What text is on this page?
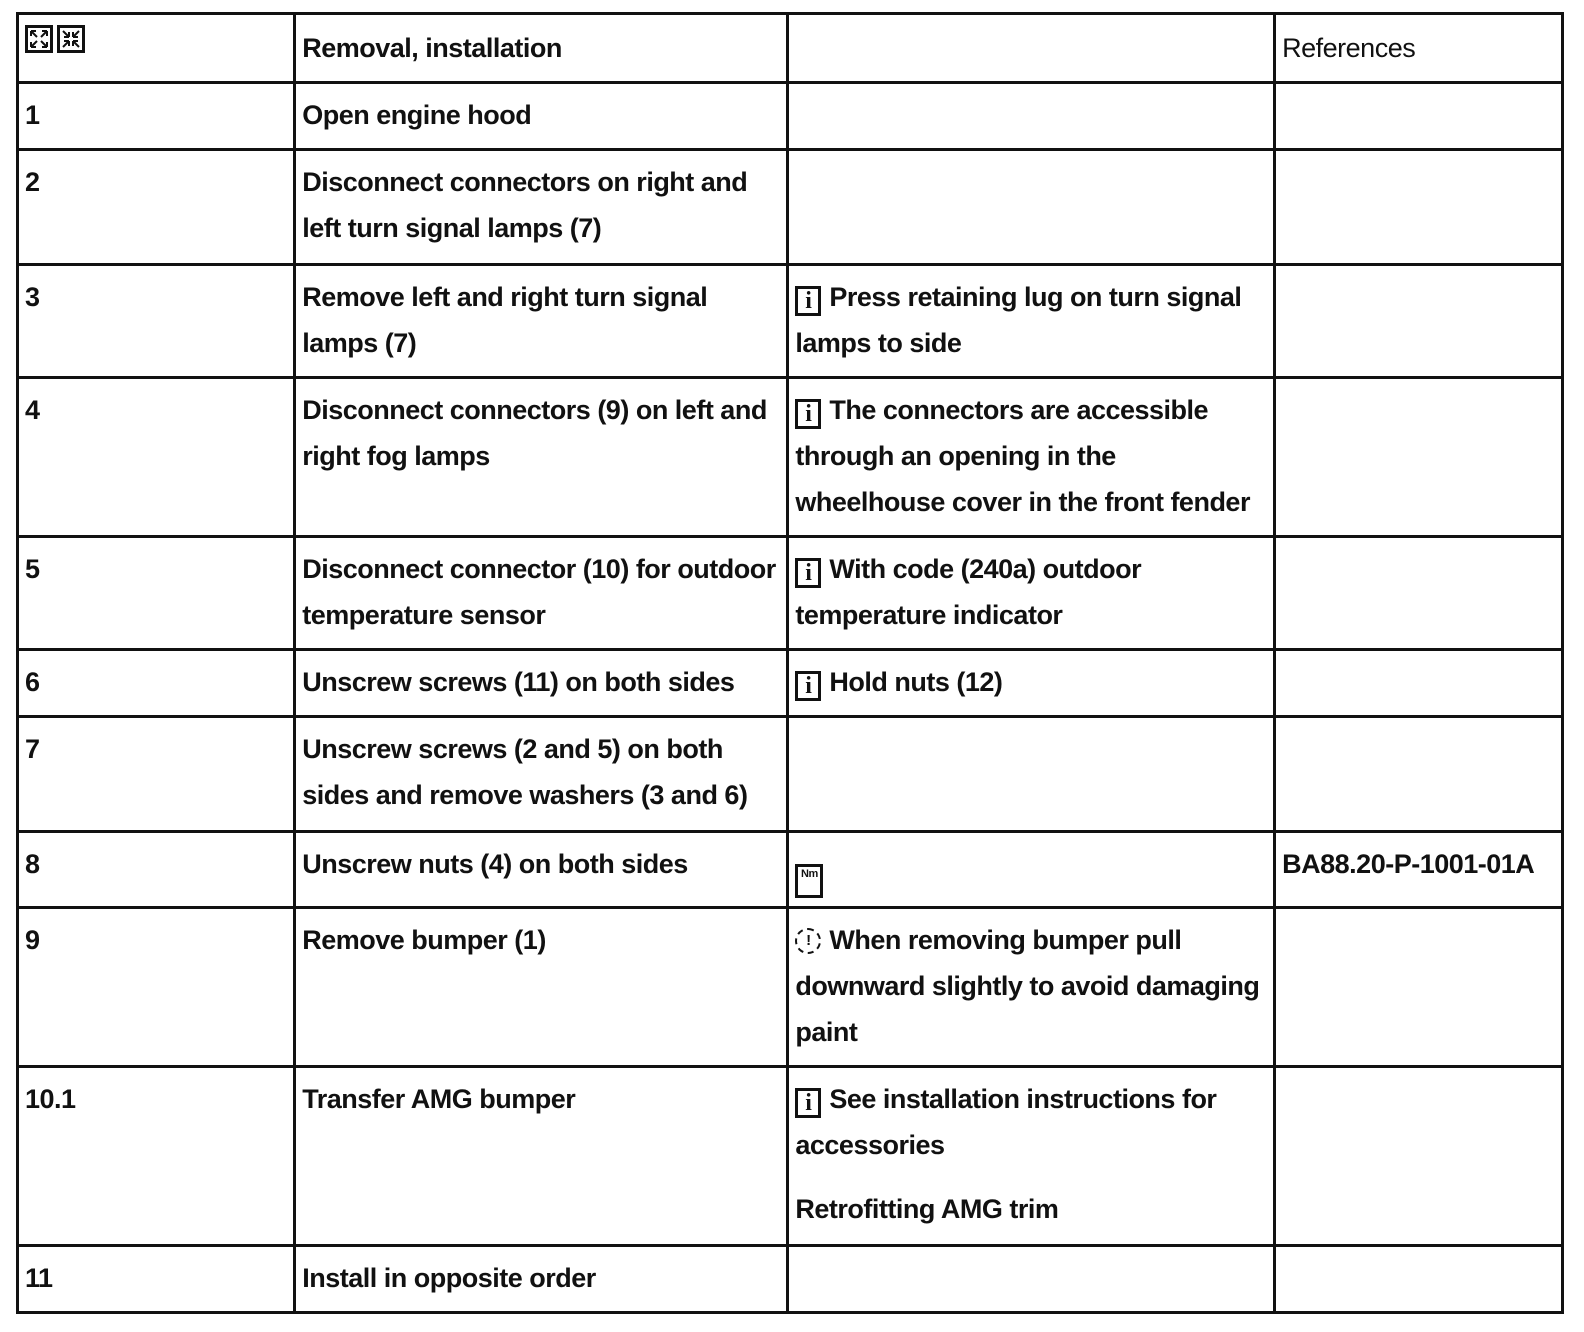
	Removal, installation		References
1	Open engine hood		
2	Disconnect connectors on right and left turn signal lamps (7)		
3	Remove left and right turn signal lamps (7)	i Press retaining lug on turn signal lamps to side	
4	Disconnect connectors (9) on left and right fog lamps	i The connectors are accessible through an opening in the wheelhouse cover in the front fender	
5	Disconnect connector (10) for outdoor temperature sensor	i With code (240a) outdoor temperature indicator	
6	Unscrew screws (11) on both sides	i Hold nuts (12)	
7	Unscrew screws (2 and 5) on both sides and remove washers (3 and 6)		
8	Unscrew nuts (4) on both sides	Nm	BA88.20-P-1001-01A
9	Remove bumper (1)	! When removing bumper pull downward slightly to avoid damaging paint	
10.1	Transfer AMG bumper	i See installation instructions for accessories
Retrofitting AMG trim	

11	Install in opposite order		
